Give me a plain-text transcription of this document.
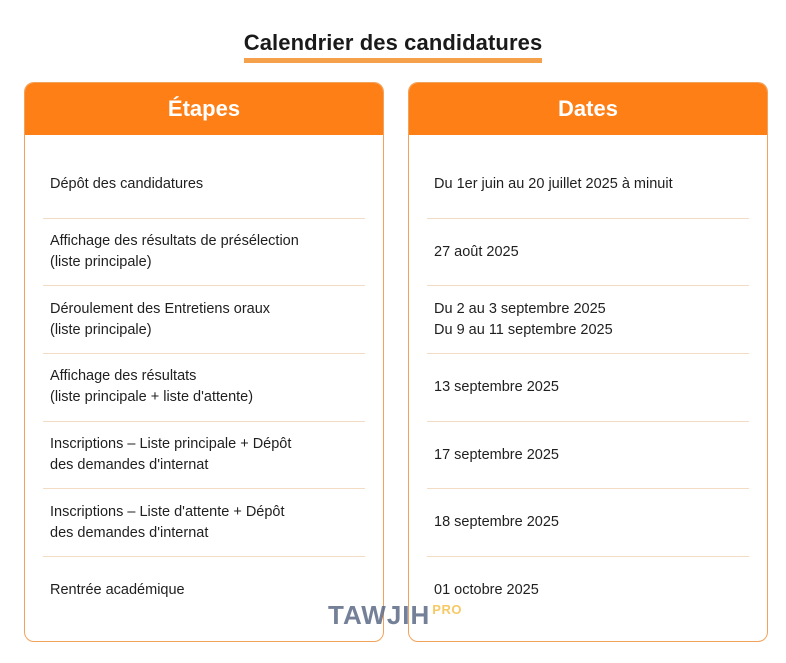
Calendrier des candidatures
Étapes
Dépôt des candidatures
Affichage des résultats de présélection
(liste principale)
Déroulement des Entretiens oraux
(liste principale)
Affichage des résultats
(liste principale + liste d'attente)
Inscriptions – Liste principale + Dépôt
des demandes d'internat
Inscriptions – Liste d'attente + Dépôt
des demandes d'internat
Rentrée académique
Dates
Du 1er juin au 20 juillet 2025 à minuit
27 août 2025
Du 2 au 3 septembre 2025
Du 9 au 11 septembre 2025
13 septembre 2025
17 septembre 2025
18 septembre 2025
01 octobre 2025
TAWJIH $^{PRO}$
